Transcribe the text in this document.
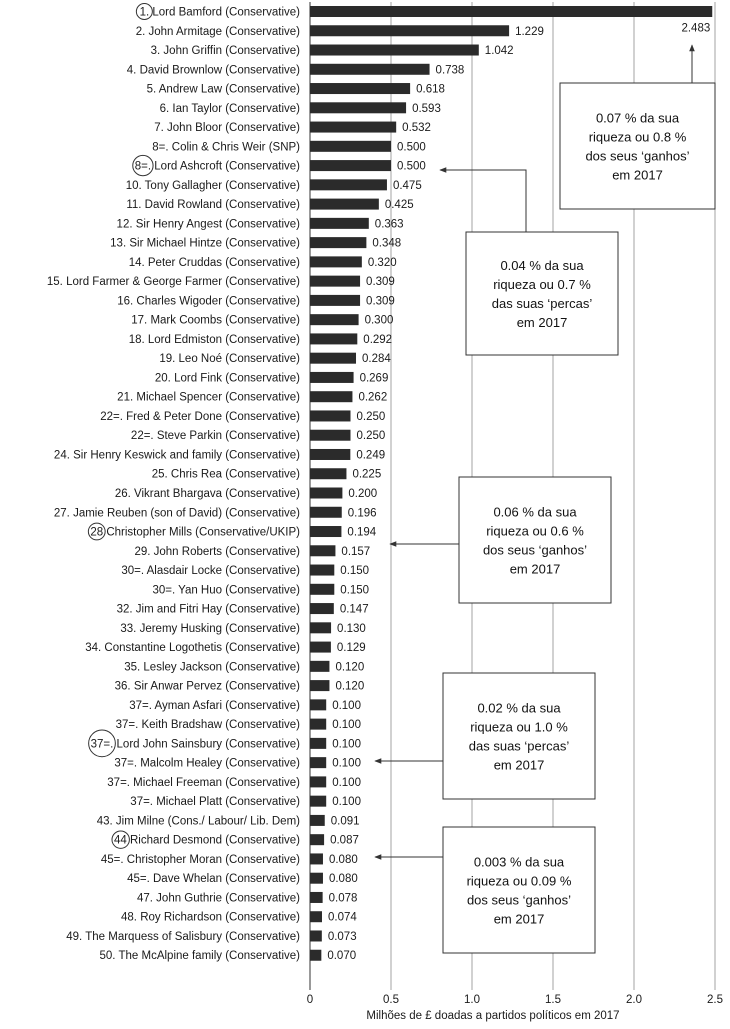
1. Lord Bamford (Conservative)
2. John Armitage (Conservative)
3. John Griffin (Conservative)
4. David Brownlow (Conservative)
5. Andrew Law (Conservative)
6. Ian Taylor (Conservative)
7. John Bloor (Conservative)
8=. Colin & Chris Weir (SNP)
8=. Lord Ashcroft (Conservative)
10. Tony Gallagher (Conservative)
11. David Rowland (Conservative)
12. Sir Henry Angest (Conservative)
13. Sir Michael Hintze (Conservative)
14. Peter Cruddas (Conservative)
15. Lord Farmer & George Farmer (Conservative)
16. Charles Wigoder (Conservative)
17. Mark Coombs (Conservative)
18. Lord Edmiston (Conservative)
19. Leo Noé (Conservative)
20. Lord Fink (Conservative)
21. Michael Spencer (Conservative)
22=. Fred & Peter Done (Conservative)
22=. Steve Parkin (Conservative)
24. Sir Henry Keswick and family (Conservative)
25. Chris Rea (Conservative)
26. Vikrant Bhargava (Conservative)
27. Jamie Reuben (son of David) (Conservative)
28 Christopher Mills (Conservative/UKIP)
29. John Roberts (Conservative)
30=. Alasdair Locke (Conservative)
30=. Yan Huo (Conservative)
32. Jim and Fitri Hay (Conservative)
33. Jeremy Husking (Conservative)
34. Constantine Logothetis (Conservative)
35. Lesley Jackson (Conservative)
36. Sir Anwar Pervez (Conservative)
37=. Ayman Asfari (Conservative)
37=. Keith Bradshaw (Conservative)
37=. Lord John Sainsbury (Conservative)
37=. Malcolm Healey (Conservative)
37=. Michael Freeman (Conservative)
37=. Michael Platt (Conservative)
43. Jim Milne (Cons./ Labour/ Lib. Dem)
44 Richard Desmond (Conservative)
45=. Christopher Moran (Conservative)
45=. Dave Whelan (Conservative)
47. John Guthrie (Conservative)
48. Roy Richardson (Conservative)
49. The Marquess of Salisbury (Conservative)
50. The McAlpine family (Conservative)
2.483
1.229
1.042
0.738
0.618
0.593
0.532
0.500
0.500
0.475
0.425
0.363
0.348
0.320
0.309
0.309
0.300
0.292
0.284
0.269
0.262
0.250
0.250
0.249
0.225
0.200
0.196
0.194
0.157
0.150
0.150
0.147
0.130
0.129
0.120
0.120
0.100
0.100
0.100
0.100
0.100
0.100
0.091
0.087
0.080
0.080
0.078
0.074
0.073
0.070
Milhões de £ doadas a partidos políticos em 2017
0	0.5	1.0	1.5	2.0	2.5
0.07 % da sua
riqueza ou 0.8 %
dos seus ‘ganhos’
em 2017
0.04 % da sua
riqueza ou 0.7 %
das suas ‘percas’
em 2017
0.06 % da sua
riqueza ou 0.6 %
dos seus ‘ganhos’
em 2017
0.02 % da sua
riqueza ou 1.0 %
das suas ‘percas’
em 2017
0.003 % da sua
riqueza ou 0.09 %
dos seus ‘ganhos’
em 2017
